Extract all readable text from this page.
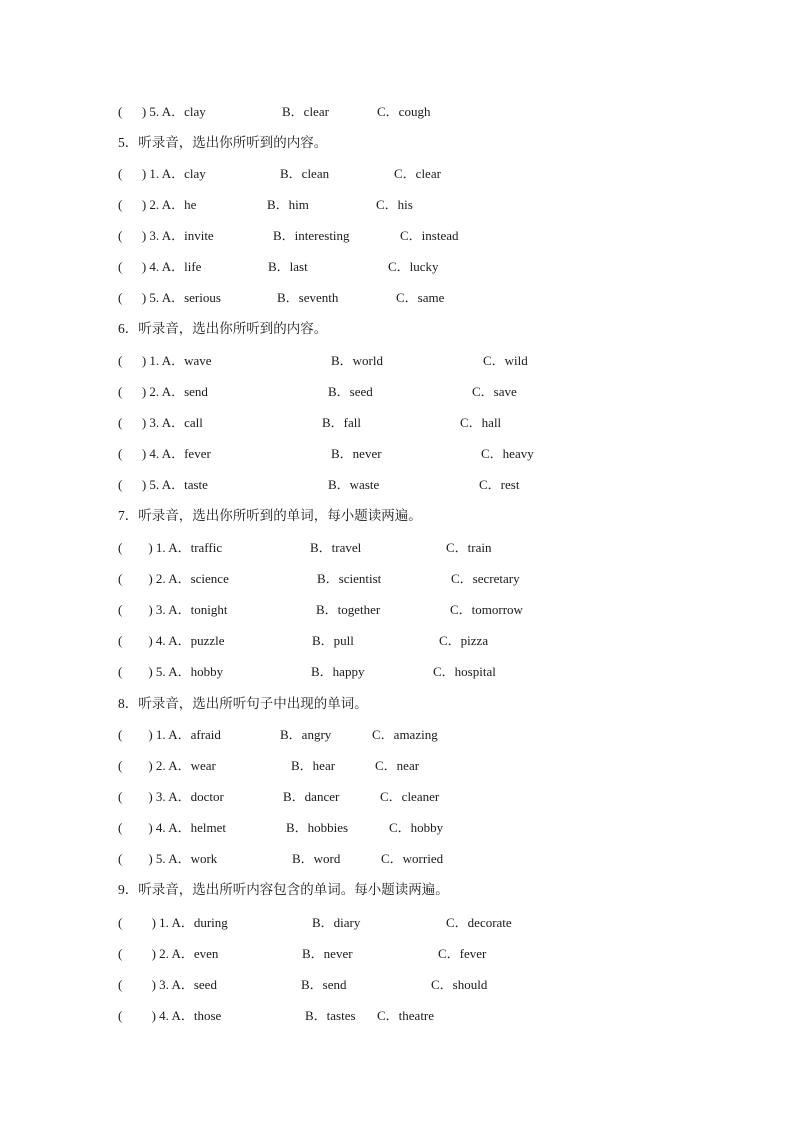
(      ) 5. A．clay	B．clear	C．cough
5．听录音，选出你所听到的内容。
(      ) 1. A．clay	B．clean	C．clear
(      ) 2. A．he	B．him	C．his
(      ) 3. A．invite	B．interesting	C．instead
(      ) 4. A．life	B．last	C．lucky
(      ) 5. A．serious	B．seventh	C．same
6．听录音，选出你所听到的内容。
(      ) 1. A．wave	B．world	C．wild
(      ) 2. A．send	B．seed	C．save
(      ) 3. A．call	B．fall	C．hall
(      ) 4. A．fever	B．never	C．heavy
(      ) 5. A．taste	B．waste	C．rest
7．听录音，选出你所听到的单词，每小题读两遍。
(        ) 1. A．traffic	B．travel	C．train
(        ) 2. A．science	B．scientist	C．secretary
(        ) 3. A．tonight	B．together	C．tomorrow
(        ) 4. A．puzzle	B．pull	C．pizza
(        ) 5. A．hobby	B．happy	C．hospital
8．听录音，选出所听句子中出现的单词。
(        ) 1. A．afraid	B．angry	C．amazing
(        ) 2. A．wear	B．hear	C．near
(        ) 3. A．doctor	B．dancer	C．cleaner
(        ) 4. A．helmet	B．hobbies	C．hobby
(        ) 5. A．work	B．word	C．worried
9．听录音，选出所听内容包含的单词。每小题读两遍。
(         ) 1. A．during	B．diary	C．decorate
(         ) 2. A．even	B．never	C．fever
(         ) 3. A．seed	B．send	C．should
(         ) 4. A．those	B．tastes C．theatre
